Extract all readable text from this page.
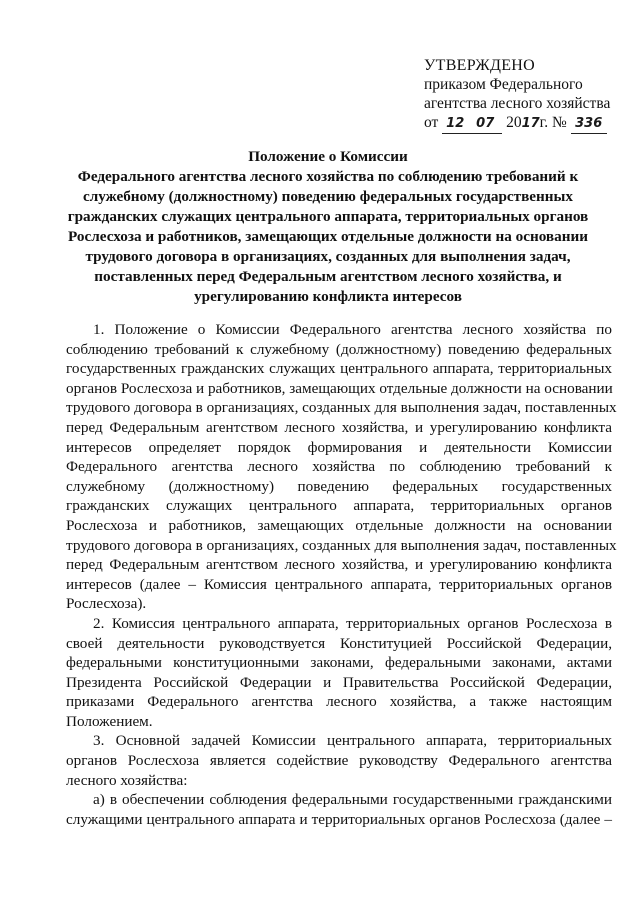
УТВЕРЖДЕНО
приказом Федерального
агентства лесного хозяйства
от 12 07 2017г. № 336
Положение о Комиссии
Федерального агентства лесного хозяйства по соблюдению требований к
служебному (должностному) поведению федеральных государственных
гражданских служащих центрального аппарата, территориальных органов
Рослесхоза и работников, замещающих отдельные должности на основании
трудового договора в организациях, созданных для выполнения задач,
поставленных перед Федеральным агентством лесного хозяйства, и
урегулированию конфликта интересов
1. Положение о Комиссии Федерального агентства лесного хозяйства по
соблюдению требований к служебному (должностному) поведению федеральных
государственных гражданских служащих центрального аппарата, территориальных
органов Рослесхоза и работников, замещающих отдельные должности на основании
трудового договора в организациях, созданных для выполнения задач, поставленных
перед Федеральным агентством лесного хозяйства, и урегулированию конфликта
интересов определяет порядок формирования и деятельности Комиссии
Федерального агентства лесного хозяйства по соблюдению требований к
служебному (должностному) поведению федеральных государственных
гражданских служащих центрального аппарата, территориальных органов
Рослесхоза и работников, замещающих отдельные должности на основании
трудового договора в организациях, созданных для выполнения задач, поставленных
перед Федеральным агентством лесного хозяйства, и урегулированию конфликта
интересов (далее – Комиссия центрального аппарата, территориальных органов
Рослесхоза).
2. Комиссия центрального аппарата, территориальных органов Рослесхоза в
своей деятельности руководствуется Конституцией Российской Федерации,
федеральными конституционными законами, федеральными законами, актами
Президента Российской Федерации и Правительства Российской Федерации,
приказами Федерального агентства лесного хозяйства, а также настоящим
Положением.
3. Основной задачей Комиссии центрального аппарата, территориальных
органов Рослесхоза является содействие руководству Федерального агентства
лесного хозяйства:
а) в обеспечении соблюдения федеральными государственными гражданскими
служащими центрального аппарата и территориальных органов Рослесхоза (далее –
